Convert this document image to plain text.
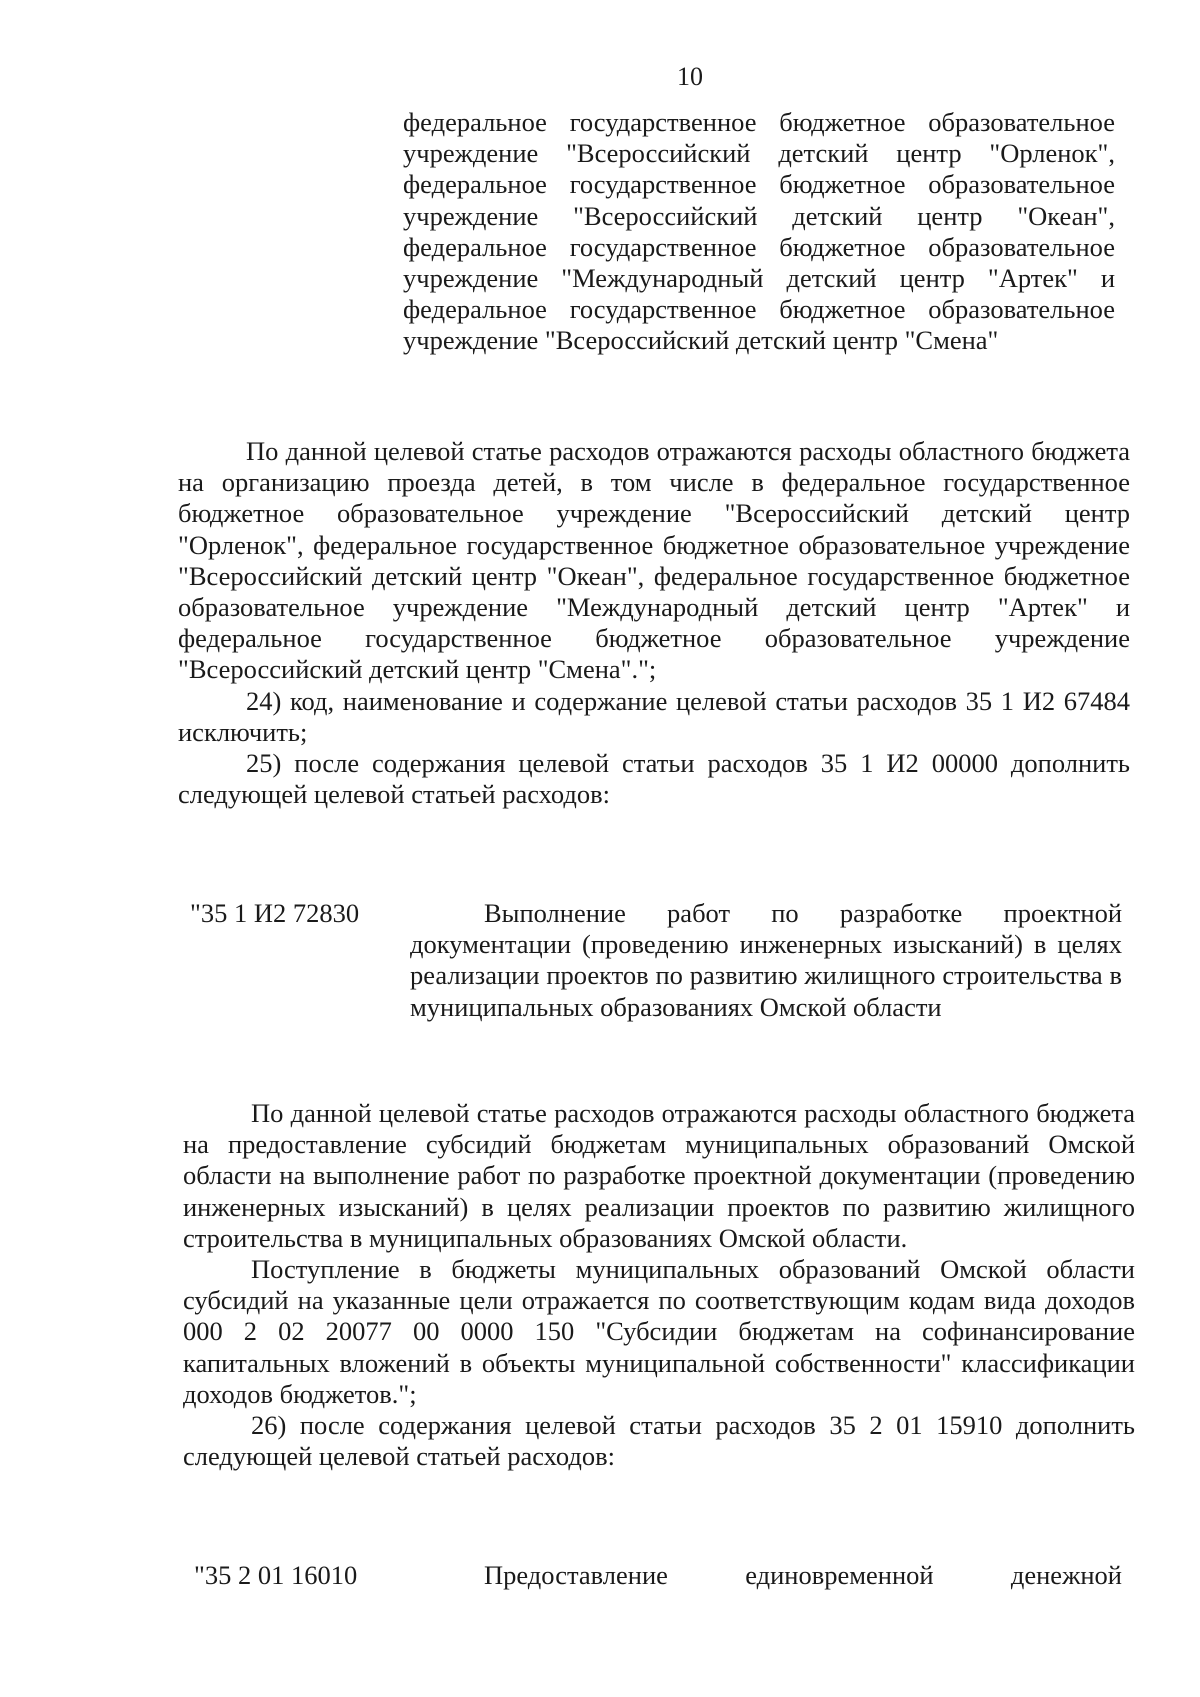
10

федеральное государственное бюджетное образовательное учреждение "Всероссийский детский центр "Орленок", федеральное государственное бюджетное образовательное учреждение "Всероссийский детский центр "Океан", федеральное государственное бюджетное образовательное учреждение "Международный детский центр "Артек" и федеральное государственное бюджетное образовательное учреждение "Всероссийский детский центр "Смена"

По данной целевой статье расходов отражаются расходы областного бюджета на организацию проезда детей, в том числе в федеральное государственное бюджетное образовательное учреждение "Всероссийский детский центр "Орленок", федеральное государственное бюджетное образовательное учреждение "Всероссийский детский центр "Океан", федеральное государственное бюджетное образовательное учреждение "Международный детский центр "Артек" и федеральное государственное бюджетное образовательное учреждение "Всероссийский детский центр "Смена".";

24) код, наименование и содержание целевой статьи расходов 35 1 И2 67484 исключить;

25) после содержания целевой статьи расходов 35 1 И2 00000 дополнить следующей целевой статьей расходов:

"35 1 И2 72830	Выполнение работ по разработке проектной документации (проведению инженерных изысканий) в целях реализации проектов по развитию жилищного строительства в муниципальных образованиях Омской области

По данной целевой статье расходов отражаются расходы областного бюджета на предоставление субсидий бюджетам муниципальных образований Омской области на выполнение работ по разработке проектной документации (проведению инженерных изысканий) в целях реализации проектов по развитию жилищного строительства в муниципальных образованиях Омской области.

Поступление в бюджеты муниципальных образований Омской области субсидий на указанные цели отражается по соответствующим кодам вида доходов 000 2 02 20077 00 0000 150 "Субсидии бюджетам на софинансирование капитальных вложений в объекты муниципальной собственности" классификации доходов бюджетов.";

26) после содержания целевой статьи расходов 35 2 01 15910 дополнить следующей целевой статьей расходов:

"35 2 01 16010	Предоставление единовременной денежной
